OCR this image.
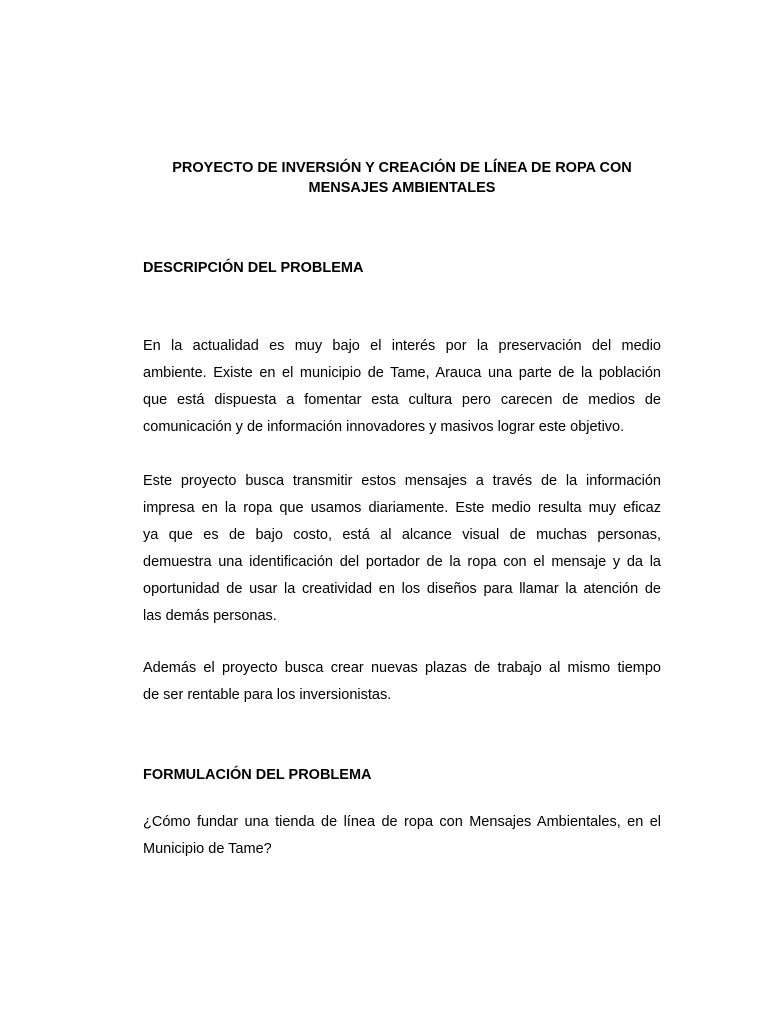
PROYECTO DE INVERSIÓN Y CREACIÓN DE LÍNEA DE ROPA CON
MENSAJES AMBIENTALES
DESCRIPCIÓN DEL PROBLEMA
En la actualidad es muy bajo el interés por la preservación del medio
ambiente. Existe en el municipio de Tame, Arauca una parte de la población
que está dispuesta a fomentar esta cultura pero carecen de medios de
comunicación y de información innovadores y masivos lograr este objetivo.
Este proyecto busca transmitir estos mensajes a través de la información
impresa en la ropa que usamos diariamente. Este medio resulta muy eficaz
ya que es de bajo costo, está al alcance visual de muchas personas,
demuestra una identificación del portador de la ropa con el mensaje y da la
oportunidad de usar la creatividad en los diseños para llamar la atención de
las demás personas.
Además el proyecto busca crear nuevas plazas de trabajo al mismo tiempo
de ser rentable para los inversionistas.
FORMULACIÓN DEL PROBLEMA
¿Cómo fundar una tienda de línea de ropa con Mensajes Ambientales, en el
Municipio de Tame?
